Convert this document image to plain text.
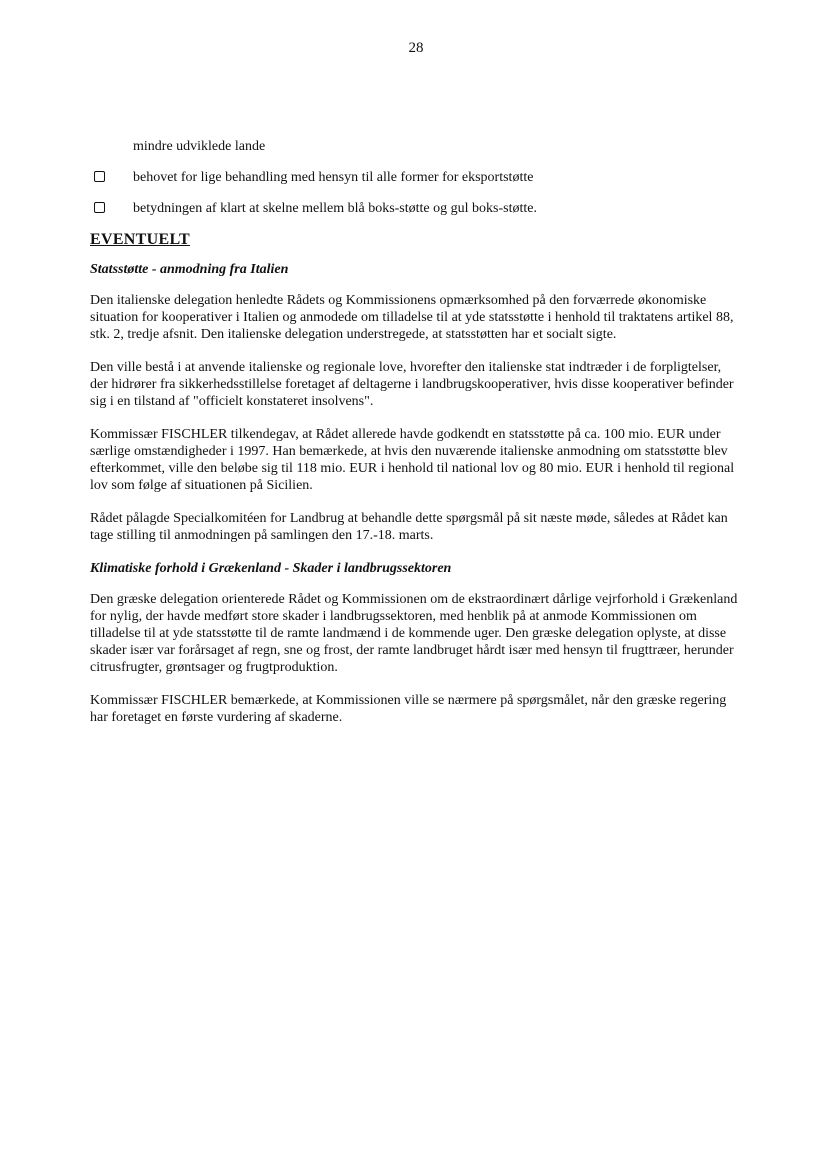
28
mindre udviklede lande
behovet for lige behandling med hensyn til alle former for eksportstøtte
betydningen af klart at skelne mellem blå boks-støtte og gul boks-støtte.
EVENTUELT
Statsstøtte - anmodning fra Italien

Den italienske delegation henledte Rådets og Kommissionens opmærksomhed på den forværrede økonomiske situation for kooperativer i Italien og anmodede om tilladelse til at yde statsstøtte i henhold til traktatens artikel 88, stk. 2, tredje afsnit. Den italienske delegation understregede, at statsstøtten har et socialt sigte.

Den ville bestå i at anvende italienske og regionale love, hvorefter den italienske stat indtræder i de forpligtelser, der hidrører fra sikkerhedsstillelse foretaget af deltagerne i landbrugskooperativer, hvis disse kooperativer befinder sig i en tilstand af "officielt konstateret insolvens".

Kommissær FISCHLER tilkendegav, at Rådet allerede havde godkendt en statsstøtte på ca. 100 mio. EUR under særlige omstændigheder i 1997. Han bemærkede, at hvis den nuværende italienske anmodning om statsstøtte blev efterkommet, ville den beløbe sig til 118 mio. EUR i henhold til national lov og 80 mio. EUR i henhold til regional lov som følge af situationen på Sicilien.

Rådet pålagde Specialkomitéen for Landbrug at behandle dette spørgsmål på sit næste møde, således at Rådet kan tage stilling til anmodningen på samlingen den 17.-18. marts.

Klimatiske forhold i Grækenland - Skader i landbrugssektoren

Den græske delegation orienterede Rådet og Kommissionen om de ekstraordinært dårlige vejrforhold i Grækenland for nylig, der havde medført store skader i landbrugssektoren, med henblik på at anmode Kommissionen om tilladelse til at yde statsstøtte til de ramte landmænd i de kommende uger. Den græske delegation oplyste, at disse skader især var forårsaget af regn, sne og frost, der ramte landbruget hårdt især med hensyn til frugttræer, herunder citrusfrugter, grøntsager og frugtproduktion.

Kommissær FISCHLER bemærkede, at Kommissionen ville se nærmere på spørgsmålet, når den græske regering har foretaget en første vurdering af skaderne.
